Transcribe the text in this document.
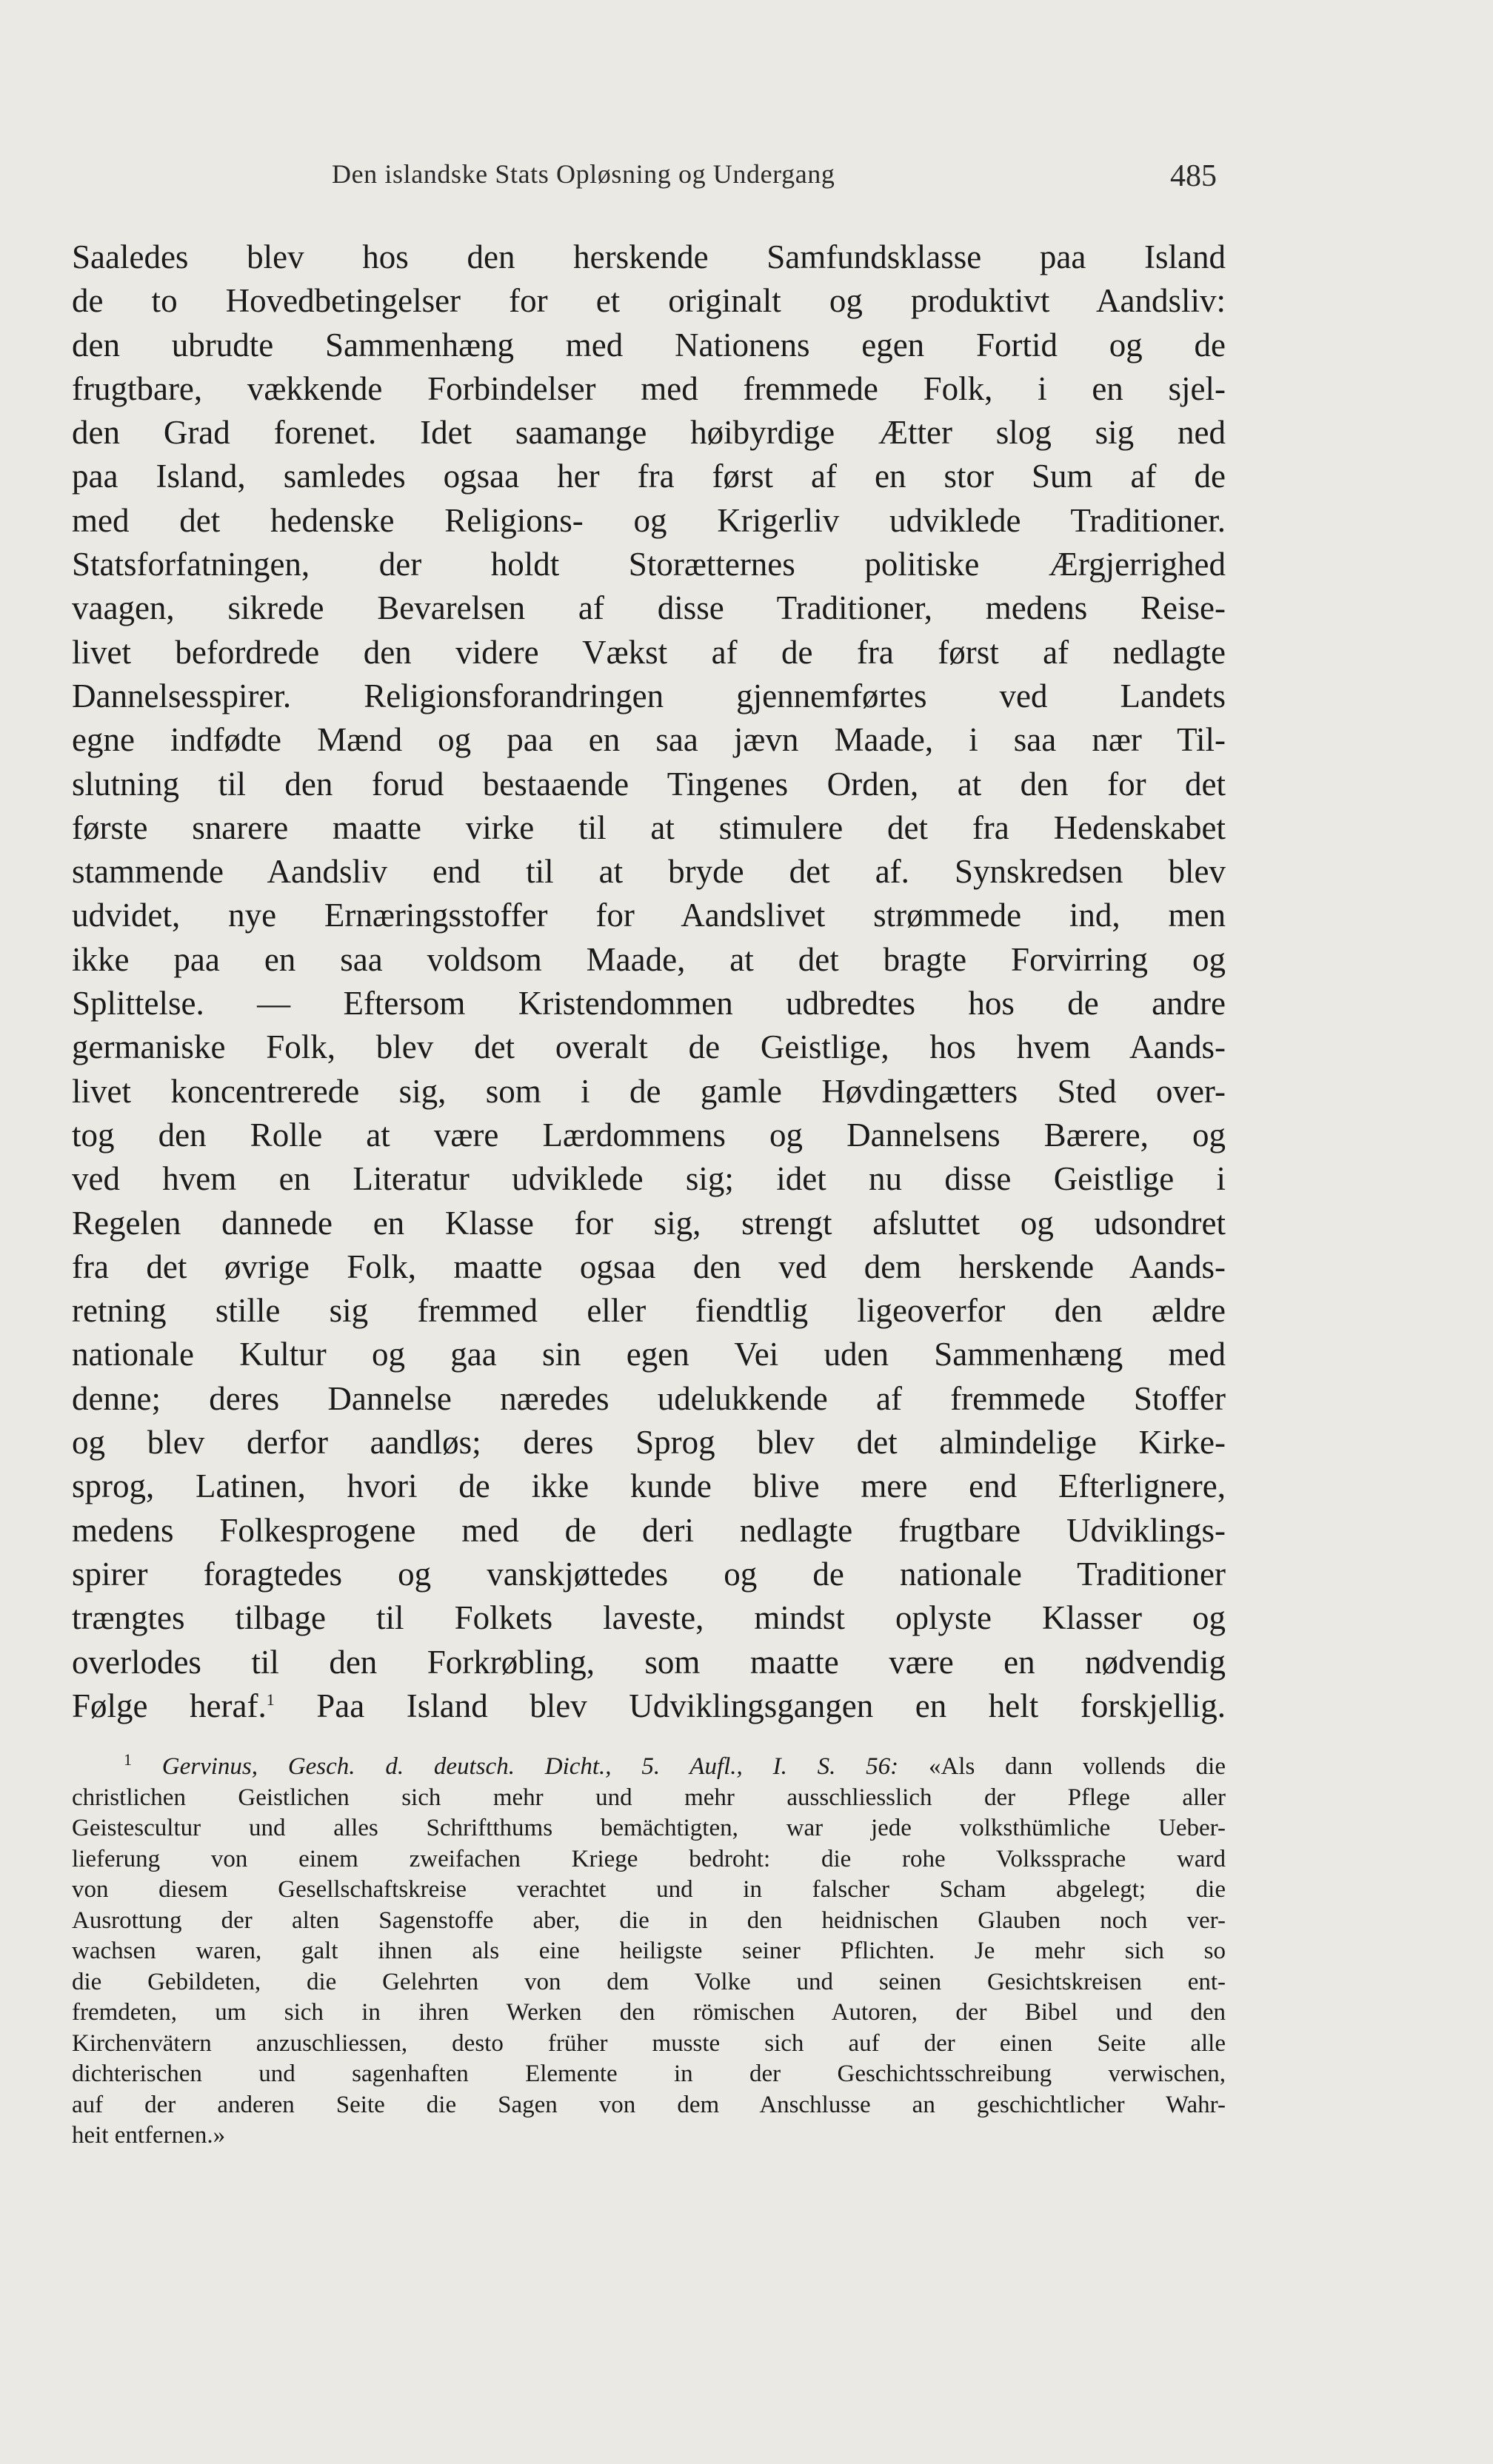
Den islandske Stats Opløsning og Undergang	485
Saaledes blev hos den herskende Samfundsklasse paa Island
de to Hovedbetingelser for et originalt og produktivt Aandsliv:
den ubrudte Sammenhæng med Nationens egen Fortid og de
frugtbare, vækkende Forbindelser med fremmede Folk, i en sjel-
den Grad forenet. Idet saamange høibyrdige Ætter slog sig ned
paa Island, samledes ogsaa her fra først af en stor Sum af de
med det hedenske Religions- og Krigerliv udviklede Traditioner.
Statsforfatningen, der holdt Storætternes politiske Ærgjerrighed
vaagen, sikrede Bevarelsen af disse Traditioner, medens Reise-
livet befordrede den videre Vækst af de fra først af nedlagte
Dannelsesspirer. Religionsforandringen gjennemførtes ved Landets
egne indfødte Mænd og paa en saa jævn Maade, i saa nær Til-
slutning til den forud bestaaende Tingenes Orden, at den for det
første snarere maatte virke til at stimulere det fra Hedenskabet
stammende Aandsliv end til at bryde det af. Synskredsen blev
udvidet, nye Ernæringsstoffer for Aandslivet strømmede ind, men
ikke paa en saa voldsom Maade, at det bragte Forvirring og
Splittelse. — Eftersom Kristendommen udbredtes hos de andre
germaniske Folk, blev det overalt de Geistlige, hos hvem Aands-
livet koncentrerede sig, som i de gamle Høvdingætters Sted over-
tog den Rolle at være Lærdommens og Dannelsens Bærere, og
ved hvem en Literatur udviklede sig; idet nu disse Geistlige i
Regelen dannede en Klasse for sig, strengt afsluttet og udsondret
fra det øvrige Folk, maatte ogsaa den ved dem herskende Aands-
retning stille sig fremmed eller fiendtlig ligeoverfor den ældre
nationale Kultur og gaa sin egen Vei uden Sammenhæng med
denne; deres Dannelse næredes udelukkende af fremmede Stoffer
og blev derfor aandløs; deres Sprog blev det almindelige Kirke-
sprog, Latinen, hvori de ikke kunde blive mere end Efterlignere,
medens Folkesprogene med de deri nedlagte frugtbare Udviklings-
spirer foragtedes og vanskjøttedes og de nationale Traditioner
trængtes tilbage til Folkets laveste, mindst oplyste Klasser og
overlodes til den Forkrøbling, som maatte være en nødvendig
Følge heraf.$^1$ Paa Island blev Udviklingsgangen en helt forskjellig.
$^1$ Gervinus, Gesch. d. deutsch. Dicht., 5. Aufl., I. S. 56: «Als dann vollends die
christlichen Geistlichen sich mehr und mehr ausschliesslich der Pflege aller
Geistescultur und alles Schriftthums bemächtigten, war jede volksthümliche Ueber-
lieferung von einem zweifachen Kriege bedroht: die rohe Volkssprache ward
von diesem Gesellschaftskreise verachtet und in falscher Scham abgelegt; die
Ausrottung der alten Sagenstoffe aber, die in den heidnischen Glauben noch ver-
wachsen waren, galt ihnen als eine heiligste seiner Pflichten. Je mehr sich so
die Gebildeten, die Gelehrten von dem Volke und seinen Gesichtskreisen ent-
fremdeten, um sich in ihren Werken den römischen Autoren, der Bibel und den
Kirchenvätern anzuschliessen, desto früher musste sich auf der einen Seite alle
dichterischen und sagenhaften Elemente in der Geschichtsschreibung verwischen,
auf der anderen Seite die Sagen von dem Anschlusse an geschichtlicher Wahr-
heit entfernen.»
